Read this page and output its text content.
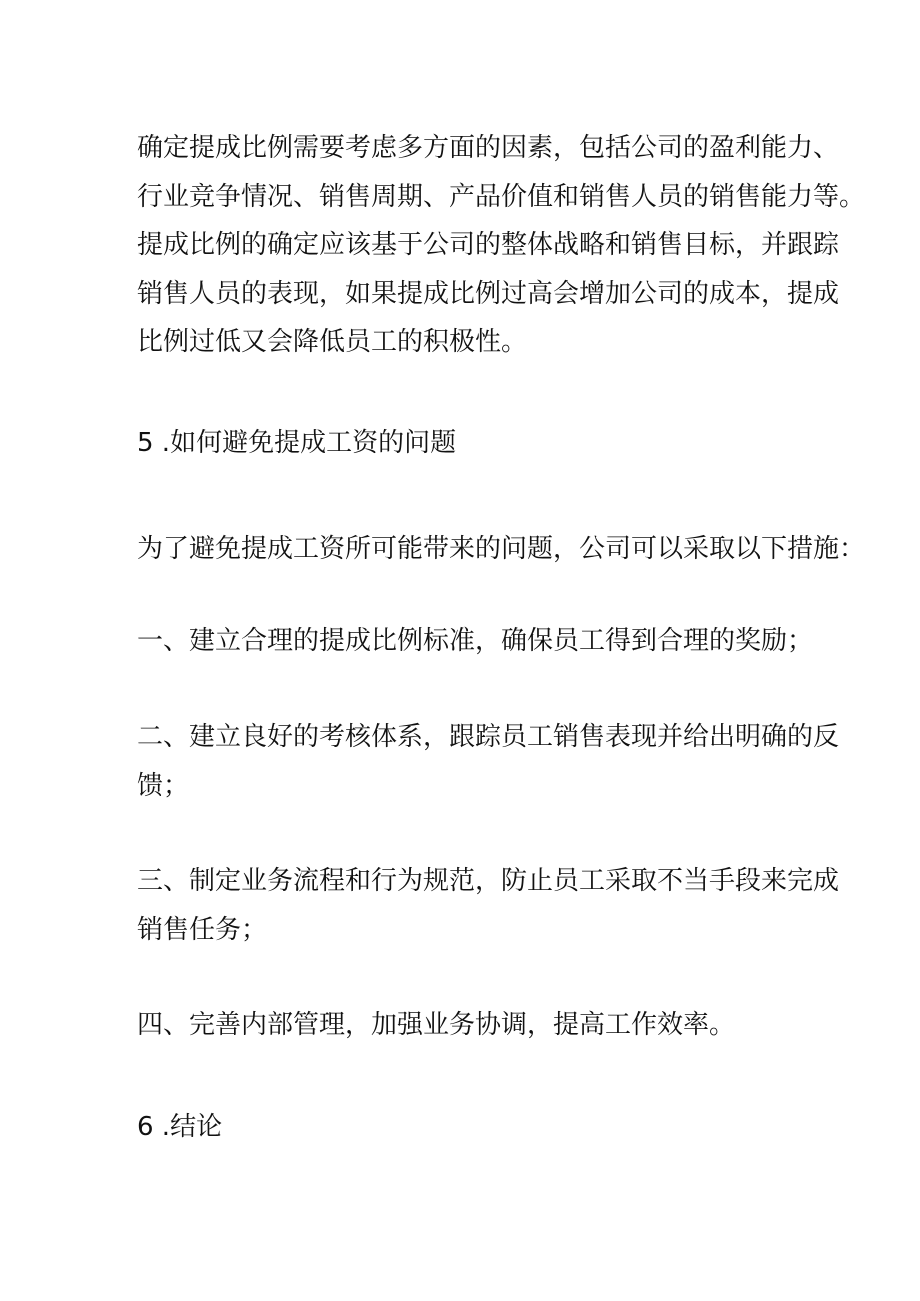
确定提成比例需要考虑多方面的因素，包括公司的盈利能力、
行业竞争情况、销售周期、产品价值和销售人员的销售能力等。
提成比例的确定应该基于公司的整体战略和销售目标，并跟踪
销售人员的表现，如果提成比例过高会增加公司的成本，提成
比例过低又会降低员工的积极性。
5 .如何避免提成工资的问题
为了避免提成工资所可能带来的问题，公司可以采取以下措施：
一、建立合理的提成比例标准，确保员工得到合理的奖励；
二、建立良好的考核体系，跟踪员工销售表现并给出明确的反
馈；
三、制定业务流程和行为规范，防止员工采取不当手段来完成
销售任务；
四、完善内部管理，加强业务协调，提高工作效率。
6 .结论
